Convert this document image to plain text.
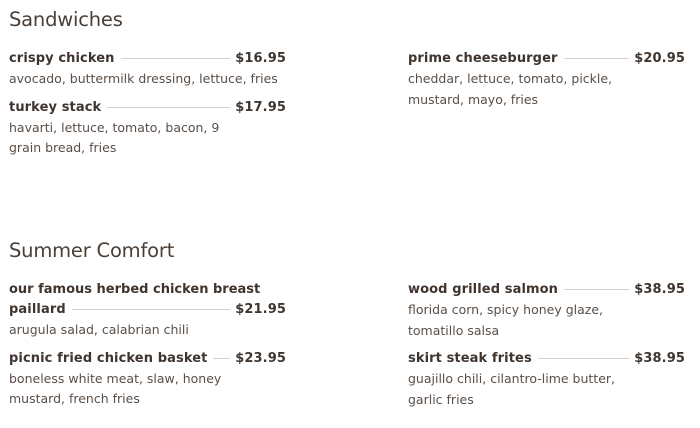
Sandwiches
crispy chicken	$16.95
avocado, buttermilk dressing, lettuce, fries
turkey stack	$17.95
havarti, lettuce, tomato, bacon, 9 grain bread, fries
prime cheeseburger	$20.95
cheddar, lettuce, tomato, pickle, mustard, mayo, fries
Summer Comfort
our famous herbed chicken breast
paillard	$21.95
arugula salad, calabrian chili
picnic fried chicken basket $23.95
boneless white meat, slaw, honey mustard, french fries
wood grilled salmon	$38.95
florida corn, spicy honey glaze, tomatillo salsa
skirt steak frites	$38.95
guajillo chili, cilantro-lime butter, garlic fries
